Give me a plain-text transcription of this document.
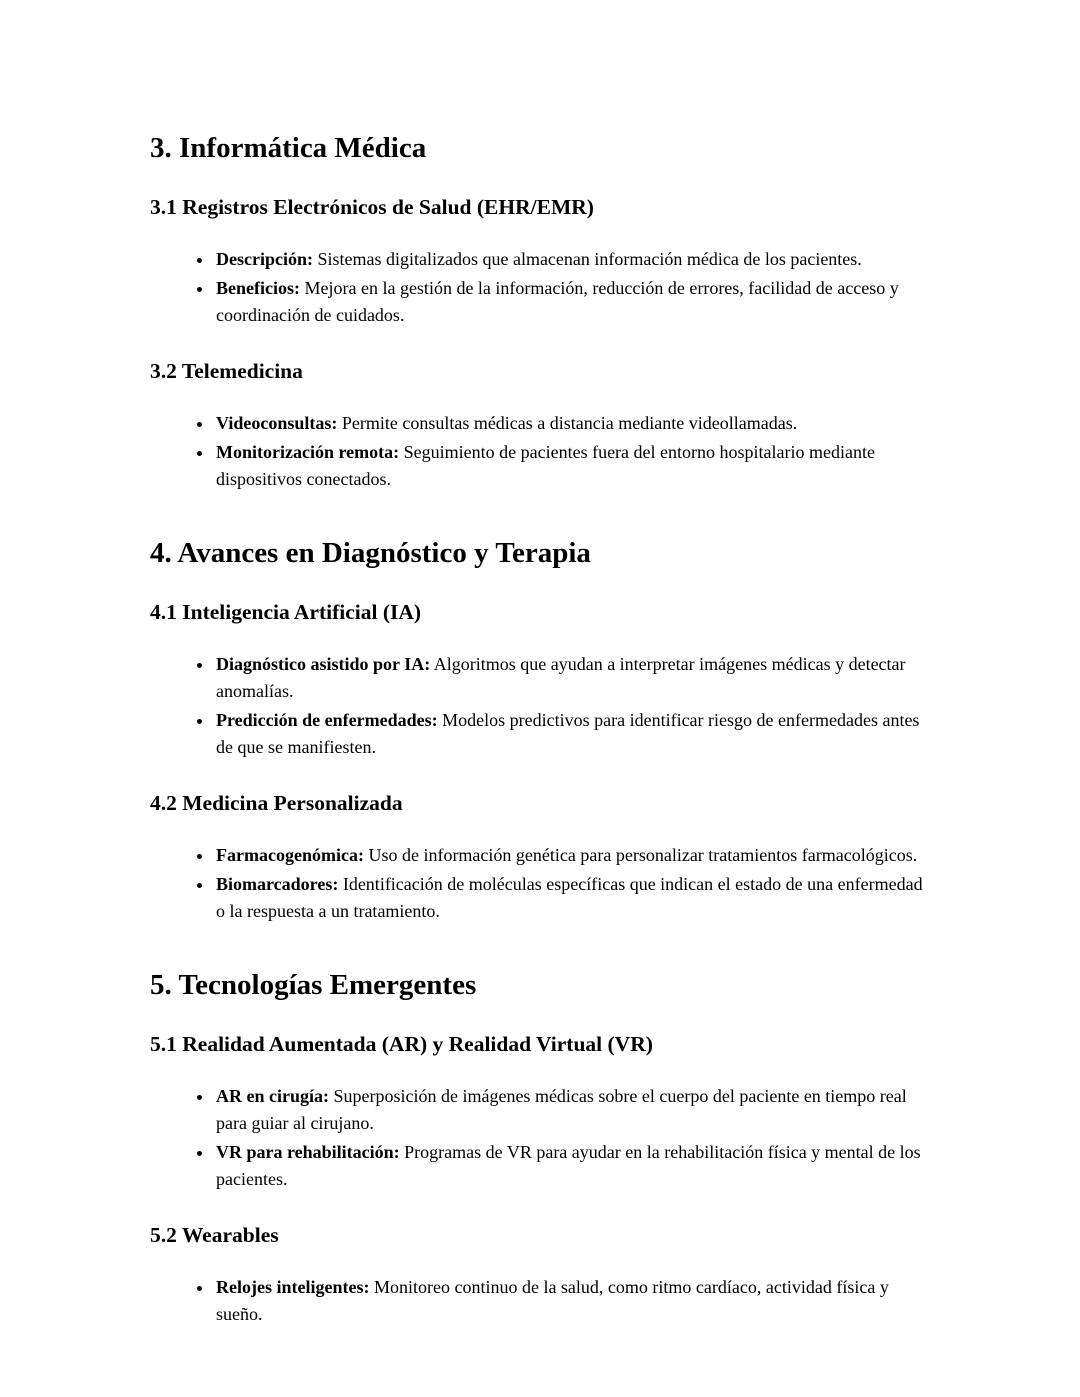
3. Informática Médica
3.1 Registros Electrónicos de Salud (EHR/EMR)
• Descripción: Sistemas digitalizados que almacenan información médica de los pacientes.
• Beneficios: Mejora en la gestión de la información, reducción de errores, facilidad de acceso y coordinación de cuidados.
3.2 Telemedicina
• Videoconsultas: Permite consultas médicas a distancia mediante videollamadas.
• Monitorización remota: Seguimiento de pacientes fuera del entorno hospitalario mediante dispositivos conectados.
4. Avances en Diagnóstico y Terapia
4.1 Inteligencia Artificial (IA)
• Diagnóstico asistido por IA: Algoritmos que ayudan a interpretar imágenes médicas y detectar anomalías.
• Predicción de enfermedades: Modelos predictivos para identificar riesgo de enfermedades antes de que se manifiesten.
4.2 Medicina Personalizada
• Farmacogenómica: Uso de información genética para personalizar tratamientos farmacológicos.
• Biomarcadores: Identificación de moléculas específicas que indican el estado de una enfermedad o la respuesta a un tratamiento.
5. Tecnologías Emergentes
5.1 Realidad Aumentada (AR) y Realidad Virtual (VR)
• AR en cirugía: Superposición de imágenes médicas sobre el cuerpo del paciente en tiempo real para guiar al cirujano.
• VR para rehabilitación: Programas de VR para ayudar en la rehabilitación física y mental de los pacientes.
5.2 Wearables
• Relojes inteligentes: Monitoreo continuo de la salud, como ritmo cardíaco, actividad física y sueño.
